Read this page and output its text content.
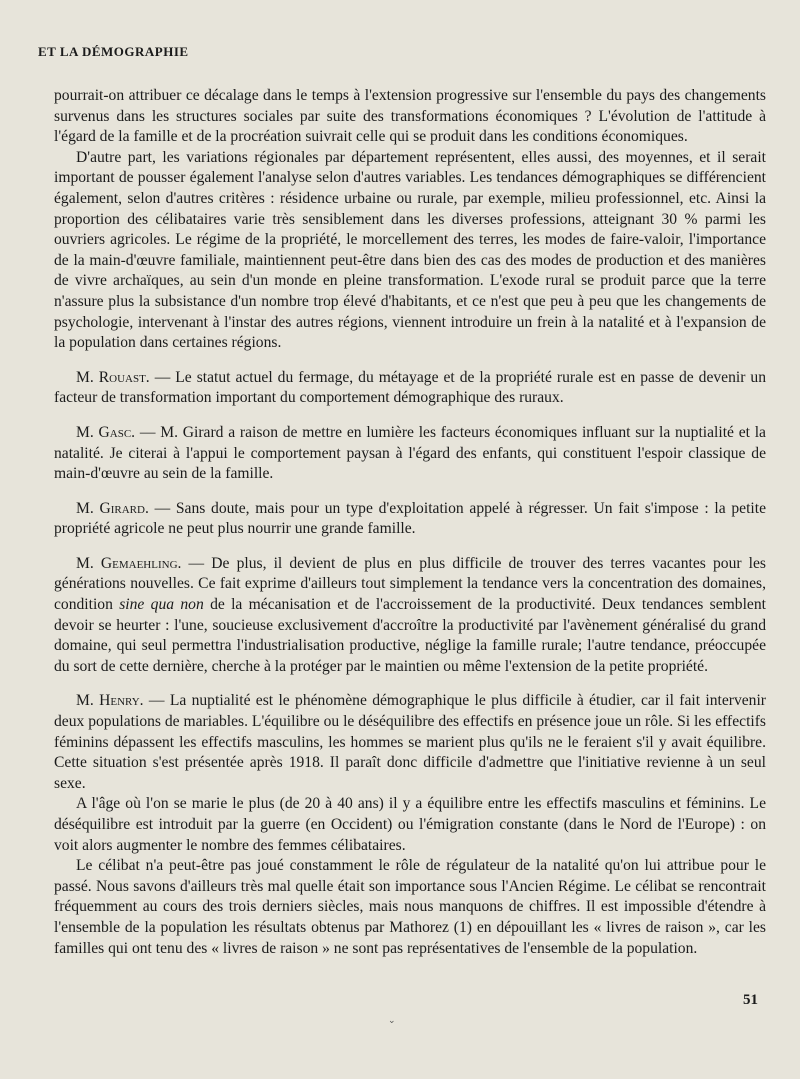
ET LA DÉMOGRAPHIE

pourrait-on attribuer ce décalage dans le temps à l'extension progressive sur l'ensemble du pays des changements survenus dans les structures sociales par suite des transformations économiques ? L'évolution de l'attitude à l'égard de la famille et de la procréation suivrait celle qui se produit dans les conditions économiques.

D'autre part, les variations régionales par département représentent, elles aussi, des moyennes, et il serait important de pousser également l'analyse selon d'autres variables. Les tendances démographiques se différencient également, selon d'autres critères : résidence urbaine ou rurale, par exemple, milieu professionnel, etc. Ainsi la proportion des célibataires varie très sensiblement dans les diverses professions, atteignant 30 % parmi les ouvriers agricoles. Le régime de la propriété, le morcellement des terres, les modes de faire-valoir, l'importance de la main-d'œuvre familiale, maintiennent peut-être dans bien des cas des modes de production et des manières de vivre archaïques, au sein d'un monde en pleine transformation. L'exode rural se produit parce que la terre n'assure plus la subsistance d'un nombre trop élevé d'habitants, et ce n'est que peu à peu que les changements de psychologie, intervenant à l'instar des autres régions, viennent introduire un frein à la natalité et à l'expansion de la population dans certaines régions.

M. Rouast. — Le statut actuel du fermage, du métayage et de la propriété rurale est en passe de devenir un facteur de transformation important du comportement démographique des ruraux.

M. Gasc. — M. Girard a raison de mettre en lumière les facteurs économiques influant sur la nuptialité et la natalité. Je citerai à l'appui le comportement paysan à l'égard des enfants, qui constituent l'espoir classique de main-d'œuvre au sein de la famille.

M. Girard. — Sans doute, mais pour un type d'exploitation appelé à régresser. Un fait s'impose : la petite propriété agricole ne peut plus nourrir une grande famille.

M. Gemaehling. — De plus, il devient de plus en plus difficile de trouver des terres vacantes pour les générations nouvelles. Ce fait exprime d'ailleurs tout simplement la tendance vers la concentration des domaines, condition sine qua non de la mécanisation et de l'accroissement de la productivité. Deux tendances semblent devoir se heurter : l'une, soucieuse exclusivement d'accroître la productivité par l'avènement généralisé du grand domaine, qui seul permettra l'industrialisation productive, néglige la famille rurale; l'autre tendance, préoccupée du sort de cette dernière, cherche à la protéger par le maintien ou même l'extension de la petite propriété.

M. Henry. — La nuptialité est le phénomène démographique le plus difficile à étudier, car il fait intervenir deux populations de mariables. L'équilibre ou le déséquilibre des effectifs en présence joue un rôle. Si les effectifs féminins dépassent les effectifs masculins, les hommes se marient plus qu'ils ne le feraient s'il y avait équilibre. Cette situation s'est présentée après 1918. Il paraît donc difficile d'admettre que l'initiative revienne à un seul sexe.

A l'âge où l'on se marie le plus (de 20 à 40 ans) il y a équilibre entre les effectifs masculins et féminins. Le déséquilibre est introduit par la guerre (en Occident) ou l'émigration constante (dans le Nord de l'Europe) : on voit alors augmenter le nombre des femmes célibataires.

Le célibat n'a peut-être pas joué constamment le rôle de régulateur de la natalité qu'on lui attribue pour le passé. Nous savons d'ailleurs très mal quelle était son importance sous l'Ancien Régime. Le célibat se rencontrait fréquemment au cours des trois derniers siècles, mais nous manquons de chiffres. Il est impossible d'étendre à l'ensemble de la population les résultats obtenus par Mathorez (1) en dépouillant les « livres de raison », car les familles qui ont tenu des « livres de raison » ne sont pas représentatives de l'ensemble de la population.

51
⌄
